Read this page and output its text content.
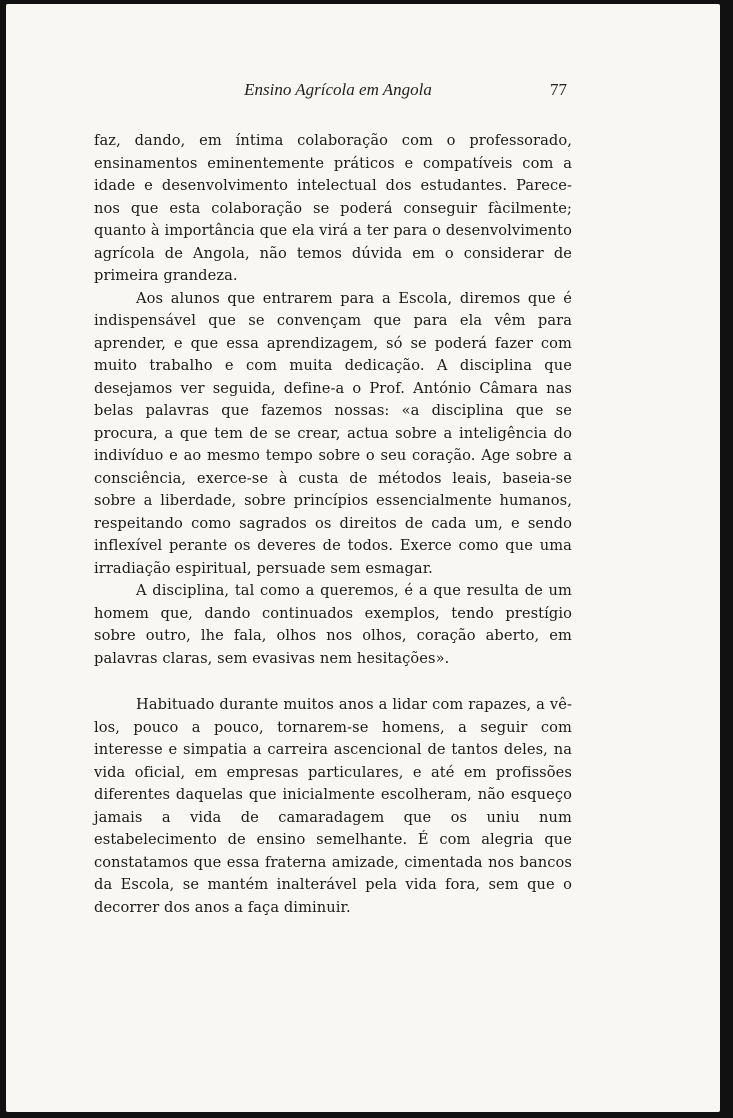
Ensino Agrícola em Angola	77

faz, dando, em íntima colaboração com o professorado, ensinamentos eminentemente práticos e compatíveis com a idade e desenvolvimento intelectual dos estudantes. Parece-nos que esta colaboração se poderá conseguir fàcilmente; quanto à importância que ela virá a ter para o desenvolvimento agrícola de Angola, não temos dúvida em o considerar de primeira grandeza.

Aos alunos que entrarem para a Escola, diremos que é indispensável que se convençam que para ela vêm para aprender, e que essa aprendizagem, só se poderá fazer com muito trabalho e com muita dedicação. A disciplina que desejamos ver seguida, define-a o Prof. António Câmara nas belas palavras que fazemos nossas: «a disciplina que se procura, a que tem de se crear, actua sobre a inteligência do indivíduo e ao mesmo tempo sobre o seu coração. Age sobre a consciência, exerce-se à custa de métodos leais, baseia-se sobre a liberdade, sobre princípios essencialmente humanos, respeitando como sagrados os direitos de cada um, e sendo inflexível perante os deveres de todos. Exerce como que uma irradiação espiritual, persuade sem esmagar.

A disciplina, tal como a queremos, é a que resulta de um homem que, dando continuados exemplos, tendo prestígio sobre outro, lhe fala, olhos nos olhos, coração aberto, em palavras claras, sem evasivas nem hesitações».

Habituado durante muitos anos a lidar com rapazes, a vê-los, pouco a pouco, tornarem-se homens, a seguir com interesse e simpatia a carreira ascencional de tantos deles, na vida oficial, em empresas particulares, e até em profissões diferentes daquelas que inicialmente escolheram, não esqueço jamais a vida de camaradagem que os uniu num estabelecimento de ensino semelhante. É com alegria que constatamos que essa fraterna amizade, cimentada nos bancos da Escola, se mantém inalterável pela vida fora, sem que o decorrer dos anos a faça diminuir.
